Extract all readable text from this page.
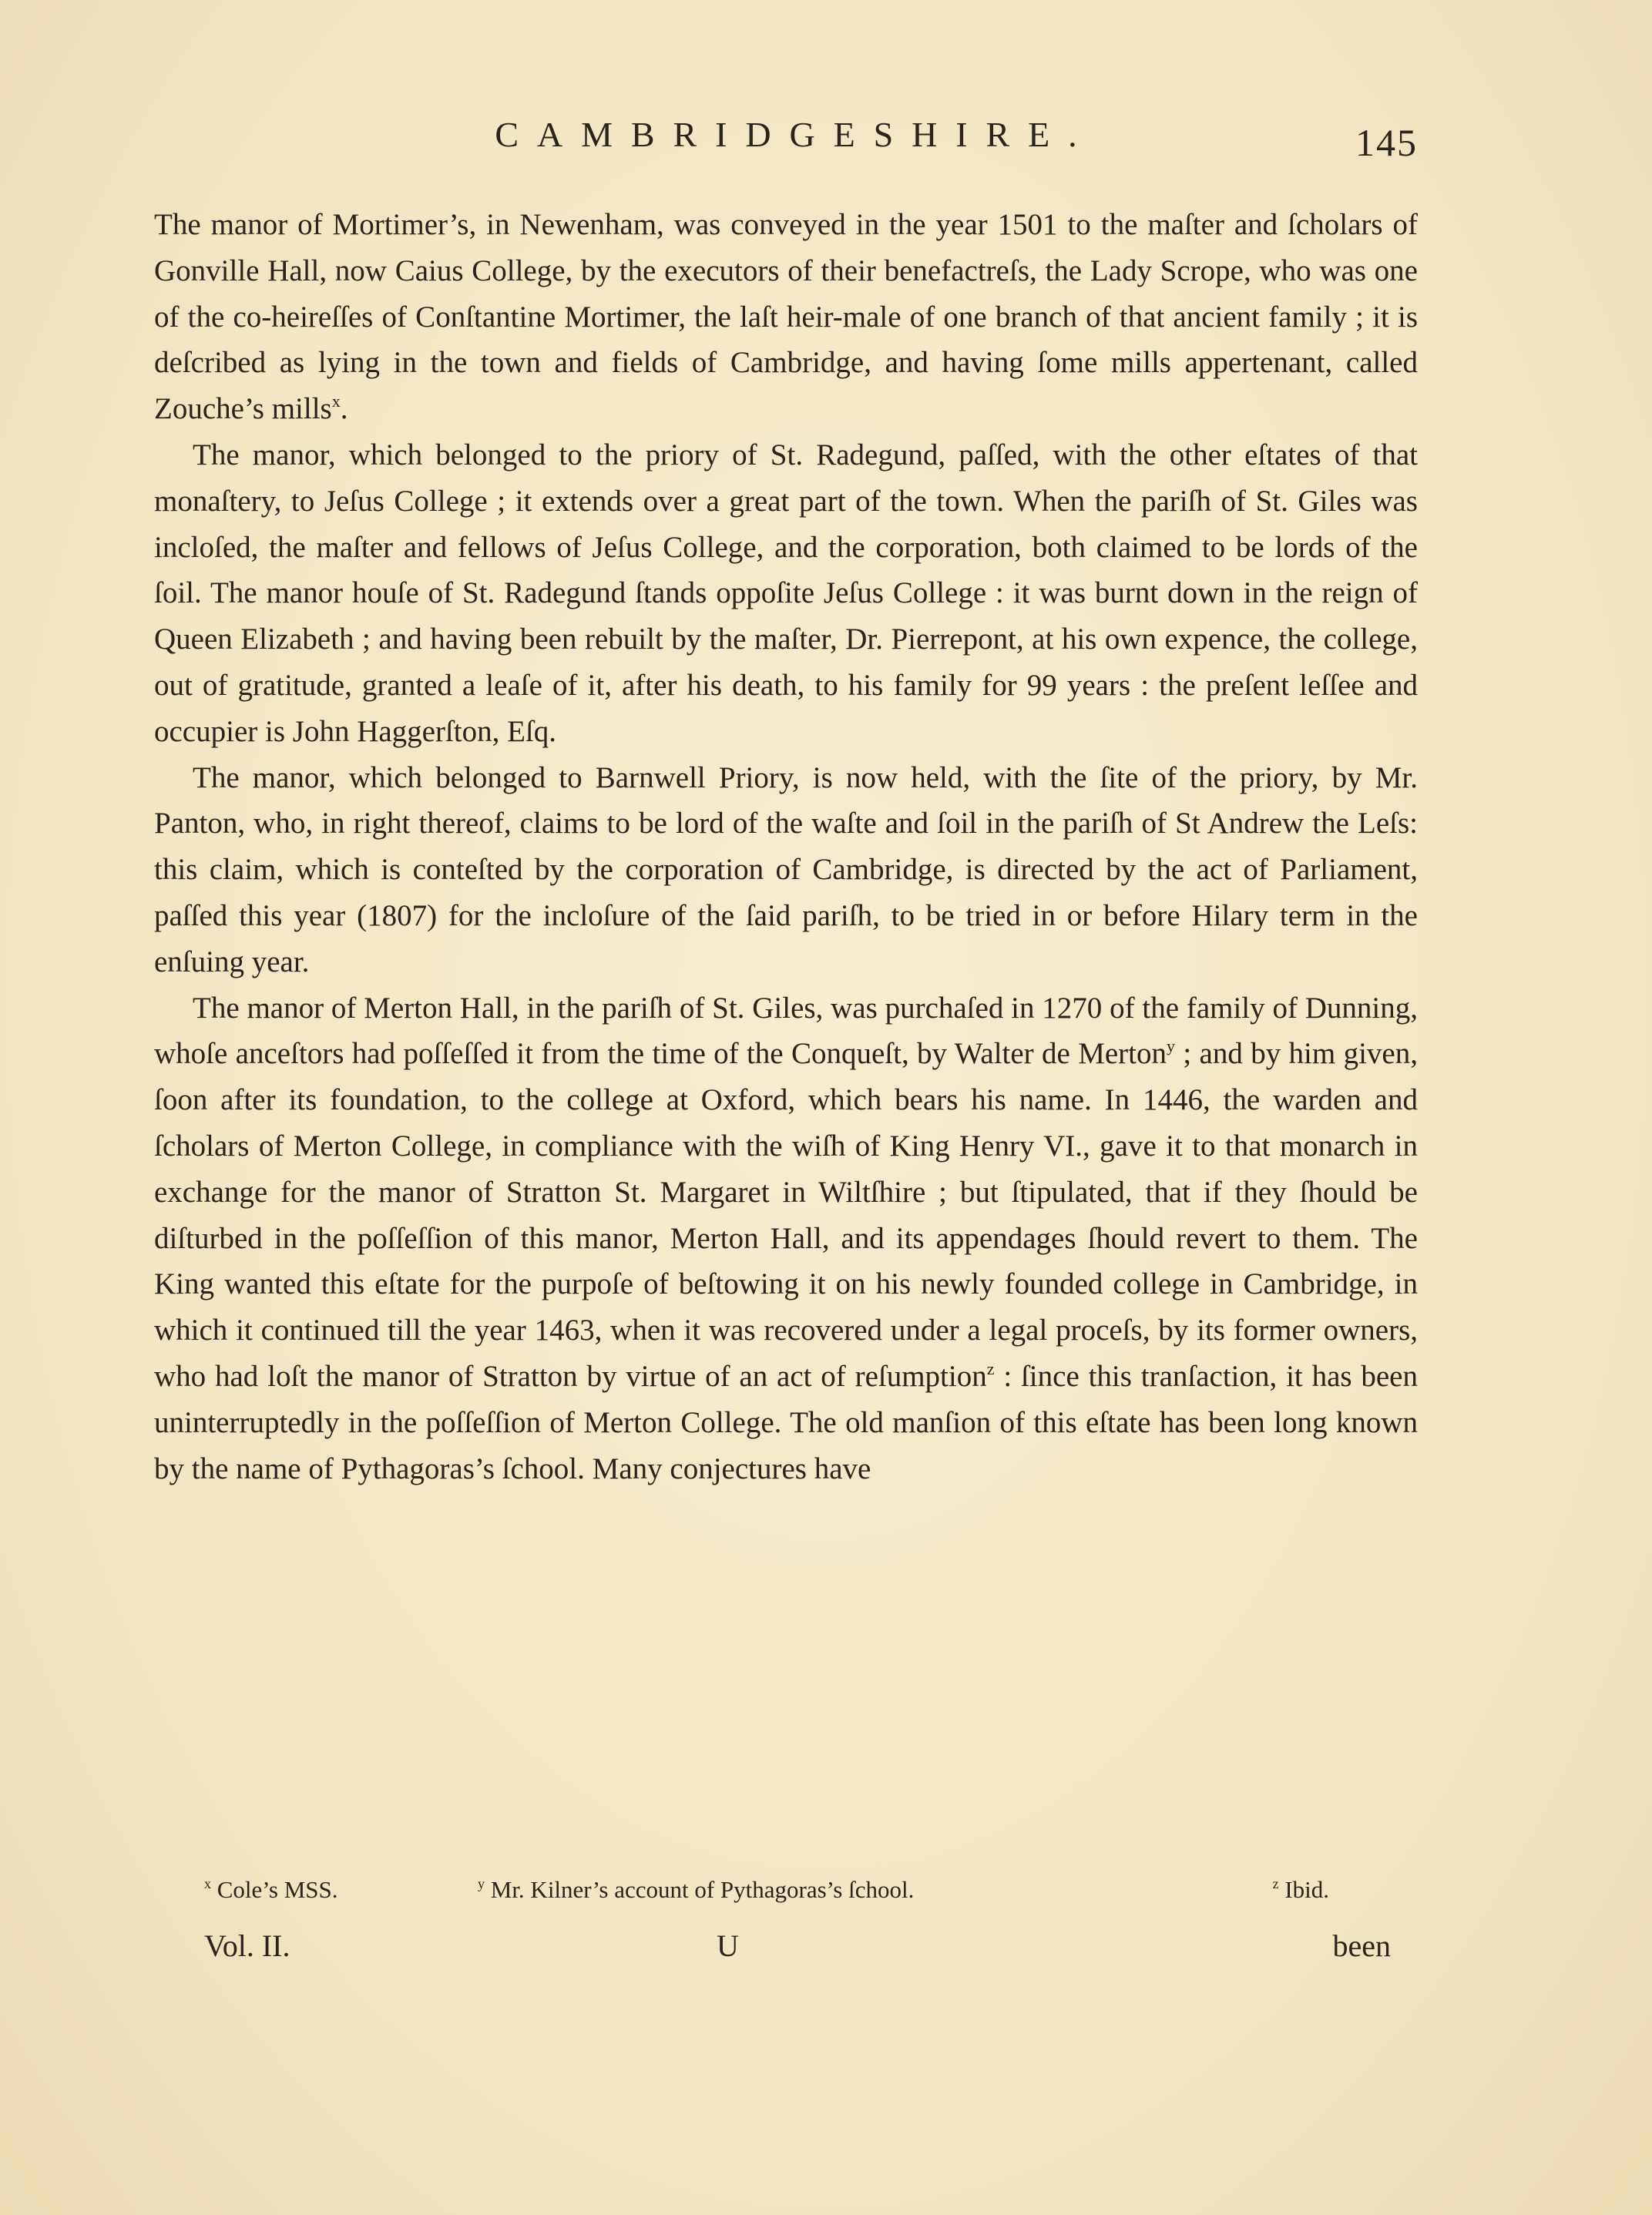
CAMBRIDGESHIRE.	145

The manor of Mortimer’s, in Newenham, was conveyed in the year 1501 to the maſter and ſcholars of Gonville Hall, now Caius College, by the executors of their benefactreſs, the Lady Scrope, who was one of the co-heireſſes of Conſtantine Mortimer, the laſt heir-male of one branch of that ancient family ; it is deſcribed as lying in the town and fields of Cambridge, and having ſome mills appertenant, called Zouche’s mills$^x$.

The manor, which belonged to the priory of St. Radegund, paſſed, with the other eſtates of that monaſtery, to Jeſus College ; it extends over a great part of the town. When the pariſh of St. Giles was incloſed, the maſter and fellows of Jeſus College, and the corporation, both claimed to be lords of the ſoil. The manor houſe of St. Radegund ſtands oppoſite Jeſus College : it was burnt down in the reign of Queen Elizabeth ; and having been rebuilt by the maſter, Dr. Pierrepont, at his own expence, the college, out of gratitude, granted a leaſe of it, after his death, to his family for 99 years : the preſent leſſee and occupier is John Haggerſton, Eſq.

The manor, which belonged to Barnwell Priory, is now held, with the ſite of the priory, by Mr. Panton, who, in right thereof, claims to be lord of the waſte and ſoil in the pariſh of St Andrew the Leſs: this claim, which is conteſted by the corporation of Cambridge, is directed by the act of Parliament, paſſed this year (1807) for the incloſure of the ſaid pariſh, to be tried in or before Hilary term in the enſuing year.

The manor of Merton Hall, in the pariſh of St. Giles, was purchaſed in 1270 of the family of Dunning, whoſe anceſtors had poſſeſſed it from the time of the Conqueſt, by Walter de Merton$^y$ ; and by him given, ſoon after its foundation, to the college at Oxford, which bears his name. In 1446, the warden and ſcholars of Merton College, in compliance with the wiſh of King Henry VI., gave it to that monarch in exchange for the manor of Stratton St. Margaret in Wiltſhire ; but ſtipulated, that if they ſhould be diſturbed in the poſſeſſion of this manor, Merton Hall, and its appendages ſhould revert to them. The King wanted this eſtate for the purpoſe of beſtowing it on his newly founded college in Cambridge, in which it continued till the year 1463, when it was recovered under a legal proceſs, by its former owners, who had loſt the manor of Stratton by virtue of an act of reſumption$^z$ : ſince this tranſaction, it has been uninterruptedly in the poſſeſſion of Merton College. The old manſion of this eſtate has been long known by the name of Pythagoras’s ſchool. Many conjectures have

$^x$ Cole’s MSS.	$^y$ Mr. Kilner’s account of Pythagoras’s ſchool.	$^z$ Ibid.
Vol. II.	U	been
